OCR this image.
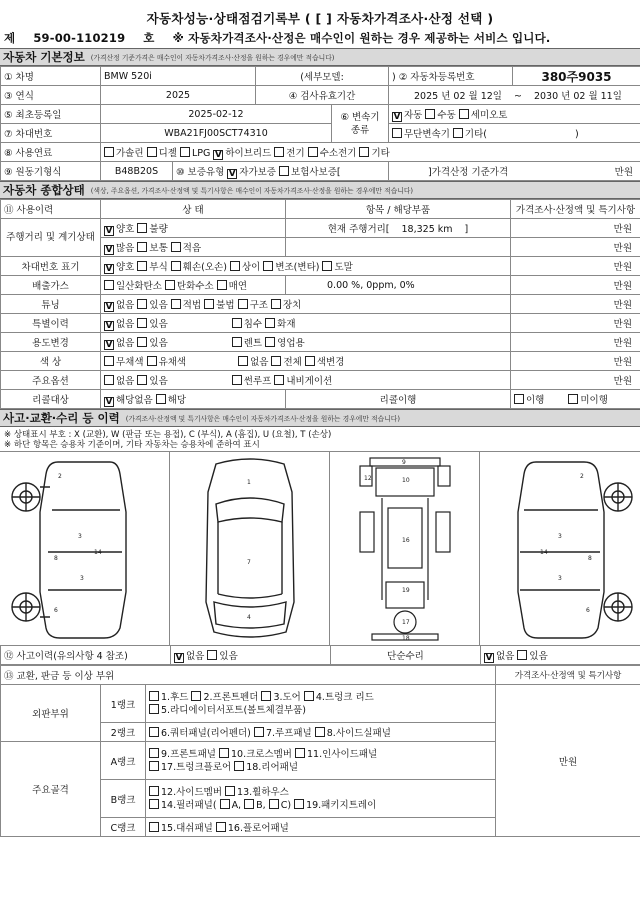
자동차성능·상태점검기록부 ( [ ] 자동차가격조사·산정 선택 )
제 59-00-110219 호 ※ 자동차가격조사·산정은 매수인이 원하는 경우 제공하는 서비스 입니다.
자동차 기본정보 (가격산정 기준가격은 매수인이 자동차가격조사·산정을 원하는 경우에만 적습니다)
① 차명	BMW 520i		(세부모델:		) ② 자동차등록번호	380주9035
③ 연식	2025		④ 검사유효기간		2025 년 02 월 12일 ~ 2030 년 02 월 11일	
⑤ 최초등록일	2025-02-12			⑥ 변속기 종류	V 자동 수동 세미오토	
⑦ 차대번호	WBA21FJ00SCT74310				무단변속기 기타( )	
⑧ 사용연료	가솔린 디젤 LPG V 하이브리드 전기 수소전기 기타					
⑨ 원동기형식	B48B20S	⑩ 보증유형 V 자가보증 보험사보증[			]가격산정 기준가격 만원	
자동차 종합상태 (색상, 주요옵션, 가격조사·산정액 및 특기사항은 매수인이 자동차가격조사·산정을 원하는 경우에만 적습니다)
⑪ 사용이력	상 태	항목 / 해당부품	가격조사·산정액 및 특기사항
주행거리 및 계기상태	V 양호 불량	현재 주행거리[ 18,325 km ]	만원
	V 많음 보통 적음		만원
차대번호 표기	V 양호 부식 훼손(오손) 상이 변조(변타) 도말		만원
배출가스	일산화탄소 탄화수소 매연	0.00 %, 0ppm, 0%	만원
튜닝	V 없음 있음 적법 불법 구조 장치		만원
특별이력	V 없음 있음 침수 화재		만원
용도변경	V 없음 있음 렌트 영업용		만원
색 상	무채색 유채색 없음 전체 색변경		만원
주요옵션	없음 있음 썬루프 내비게이션		만원
리콜대상	V 해당없음 해당	리콜이행	이행 미이행
사고·교환·수리 등 이력 (가격조사·산정액 및 특기사항은 매수인이 자동차가격조사·산정을 원하는 경우에만 적습니다)
※ 상태표시 부호 : X (교환), W (판금 또는 용접), C (부식), A (흠집), U (요철), T (손상)
※ 하단 항목은 승용차 기준이며, 기타 자동차는 승용차에 준하여 표시
2
3
3
14
8
6
1
7
4
9
10
12
16
19
17
18
2
3
3
14
8
6
⑫ 사고이력(유의사항 4 참조)	V 없음 있음	단순수리	V 없음 있음
⑬ 교환, 판금 등 이상 부위			가격조사·산정액 및 특기사항
외판부위	1랭크	1.후드 2.프론트펜더 3.도어 4.트렁크 리드
5.라디에이터서포트(볼트체결부품)	만원
	2랭크	6.쿼터패널(리어펜더) 7.루프패널 8.사이드실패널	
주요골격	A랭크	9.프론트패널 10.크로스멤버 11.인사이드패널
17.트렁크플로어 18.리어패널	

	B랭크	12.사이드멤버 13.휠하우스
14.필러패널( A, B, C) 19.패키지트레이	

	C랭크	15.대쉬패널 16.플로어패널	
